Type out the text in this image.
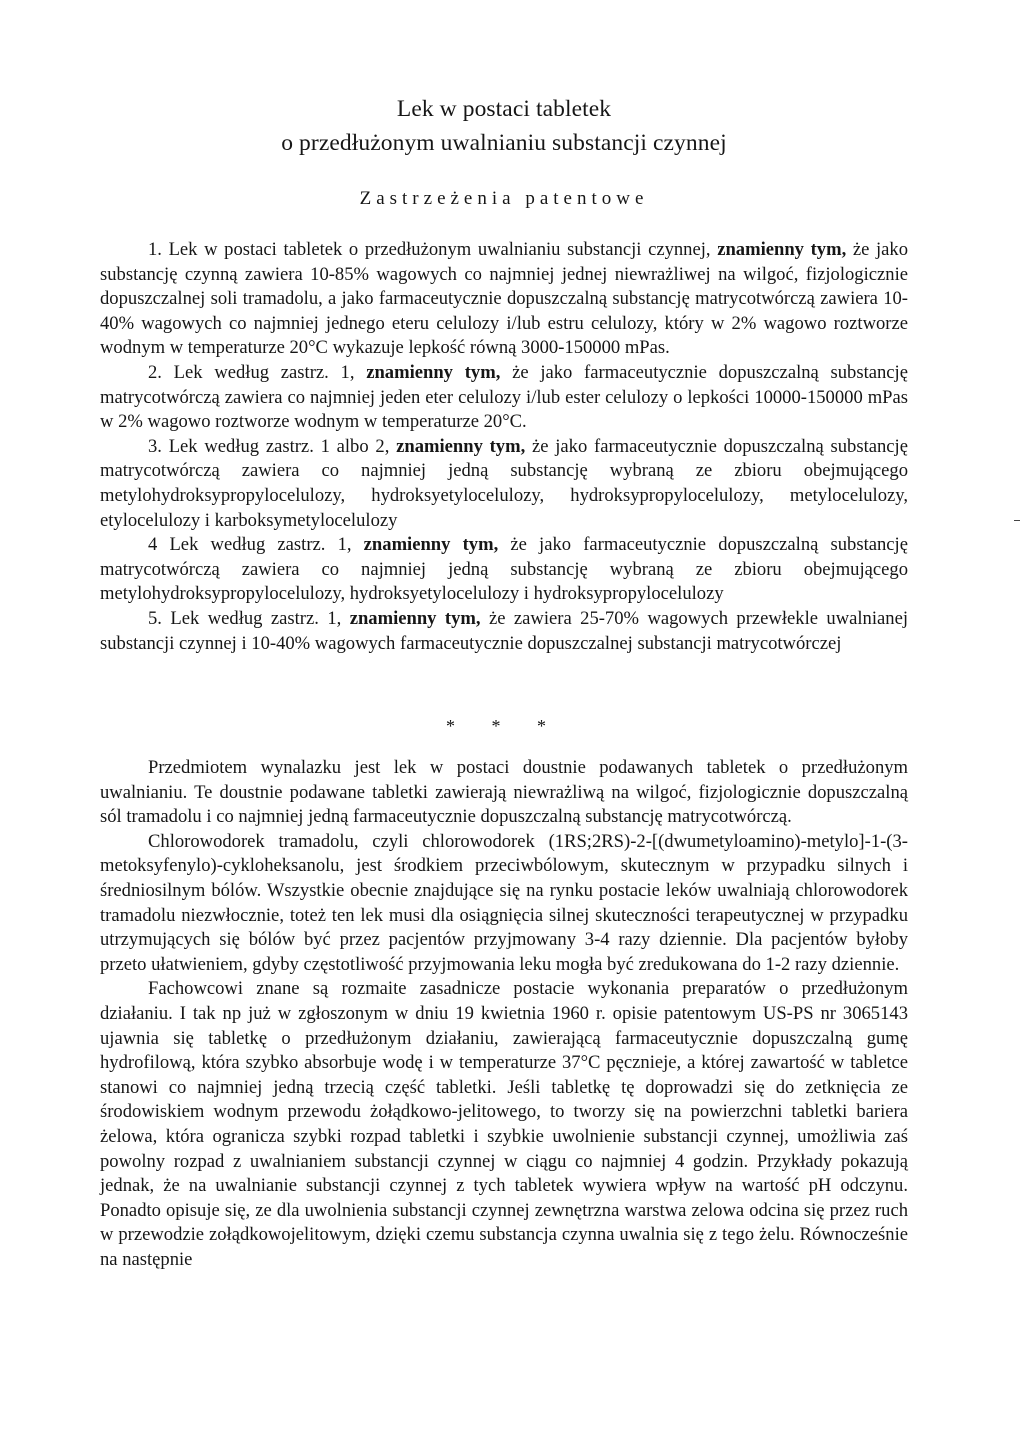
Lek w postaci tabletek
o przedłużonym uwalnianiu substancji czynnej
Zastrzeżenia patentowe

1. Lek w postaci tabletek o przedłużonym uwalnianiu substancji czynnej, znamienny tym, że jako substancję czynną zawiera 10-85% wagowych co najmniej jednej niewrażliwej na wilgoć, fizjologicznie dopuszczalnej soli tramadolu, a jako farmaceutycznie dopuszczalną substancję matrycotwórczą zawiera 10-40% wagowych co najmniej jednego eteru celulozy i/lub estru celulozy, który w 2% wagowo roztworze wodnym w temperaturze 20°C wykazuje lepkość równą 3000-150000 mPas.

2. Lek według zastrz. 1, znamienny tym, że jako farmaceutycznie dopuszczalną substancję matrycotwórczą zawiera co najmniej jeden eter celulozy i/lub ester celulozy o lepkości 10000-150000 mPas w 2% wagowo roztworze wodnym w temperaturze 20°C.

3. Lek według zastrz. 1 albo 2, znamienny tym, że jako farmaceutycznie dopuszczalną substancję matrycotwórczą zawiera co najmniej jedną substancję wybraną ze zbioru obejmującego metylohydroksypropylocelulozy, hydroksyetylocelulozy, hydroksypropylocelulozy, metylocelulozy, etylocelulozy i karboksymetylocelulozy

4 Lek według zastrz. 1, znamienny tym, że jako farmaceutycznie dopuszczalną substancję matrycotwórczą zawiera co najmniej jedną substancję wybraną ze zbioru obejmującego metylohydroksypropylocelulozy, hydroksyetylocelulozy i hydroksypropylocelulozy

5. Lek według zastrz. 1, znamienny tym, że zawiera 25-70% wagowych przewłekle uwalnianej substancji czynnej i 10-40% wagowych farmaceutycznie dopuszczalnej substancji matrycotwórczej

* * *

Przedmiotem wynalazku jest lek w postaci doustnie podawanych tabletek o przedłużonym uwalnianiu. Te doustnie podawane tabletki zawierają niewrażliwą na wilgoć, fizjologicznie dopuszczalną sól tramadolu i co najmniej jedną farmaceutycznie dopuszczalną substancję matrycotwórczą.

Chlorowodorek tramadolu, czyli chlorowodorek (1RS;2RS)-2-[(dwumetyloamino)-metylo]-1-(3-metoksyfenylo)-cykloheksanolu, jest środkiem przeciwbólowym, skutecznym w przypadku silnych i średniosilnym bólów. Wszystkie obecnie znajdujące się na rynku postacie leków uwalniają chlorowodorek tramadolu niezwłocznie, toteż ten lek musi dla osiągnięcia silnej skuteczności terapeutycznej w przypadku utrzymujących się bólów być przez pacjentów przyjmowany 3-4 razy dziennie. Dla pacjentów byłoby przeto ułatwieniem, gdyby częstotliwość przyjmowania leku mogła być zredukowana do 1-2 razy dziennie.

Fachowcowi znane są rozmaite zasadnicze postacie wykonania preparatów o przedłużonym działaniu. I tak np już w zgłoszonym w dniu 19 kwietnia 1960 r. opisie patentowym US-PS nr 3065143 ujawnia się tabletkę o przedłużonym działaniu, zawierającą farmaceutycznie dopuszczalną gumę hydrofilową, która szybko absorbuje wodę i w temperaturze 37°C pęcznieje, a której zawartość w tabletce stanowi co najmniej jedną trzecią część tabletki. Jeśli tabletkę tę doprowadzi się do zetknięcia ze środowiskiem wodnym przewodu żołądkowo-jelitowego, to tworzy się na powierzchni tabletki bariera żelowa, która ogranicza szybki rozpad tabletki i szybkie uwolnienie substancji czynnej, umożliwia zaś powolny rozpad z uwalnianiem substancji czynnej w ciągu co najmniej 4 godzin. Przykłady pokazują jednak, że na uwalnianie substancji czynnej z tych tabletek wywiera wpływ na wartość pH odczynu. Ponadto opisuje się, ze dla uwolnienia substancji czynnej zewnętrzna warstwa zelowa odcina się przez ruch w przewodzie zołądkowojelitowym, dzięki czemu substancja czynna uwalnia się z tego żelu. Równocześnie na następnie
